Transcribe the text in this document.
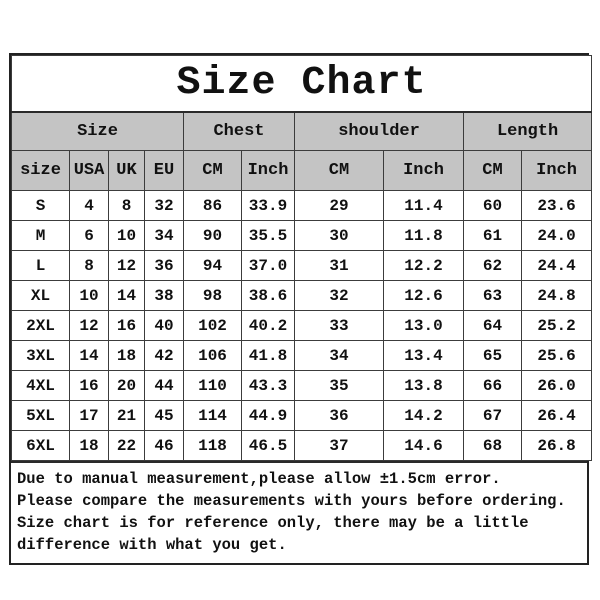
Size Chart									
Size				Chest		shoulder		Length	
size	USA	UK	EU	CM	Inch	CM	Inch	CM	Inch
S	4	8	32	86	33.9	29	11.4	60	23.6
M	6	10	34	90	35.5	30	11.8	61	24.0
L	8	12	36	94	37.0	31	12.2	62	24.4
XL	10	14	38	98	38.6	32	12.6	63	24.8
2XL	12	16	40	102	40.2	33	13.0	64	25.2
3XL	14	18	42	106	41.8	34	13.4	65	25.6
4XL	16	20	44	110	43.3	35	13.8	66	26.0
5XL	17	21	45	114	44.9	36	14.2	67	26.4
6XL	18	22	46	118	46.5	37	14.6	68	26.8
Due to manual measurement,please allow ±1.5cm error.
Please compare the measurements with yours before ordering.
Size chart is for reference only, there may be a little
difference with what you get.
